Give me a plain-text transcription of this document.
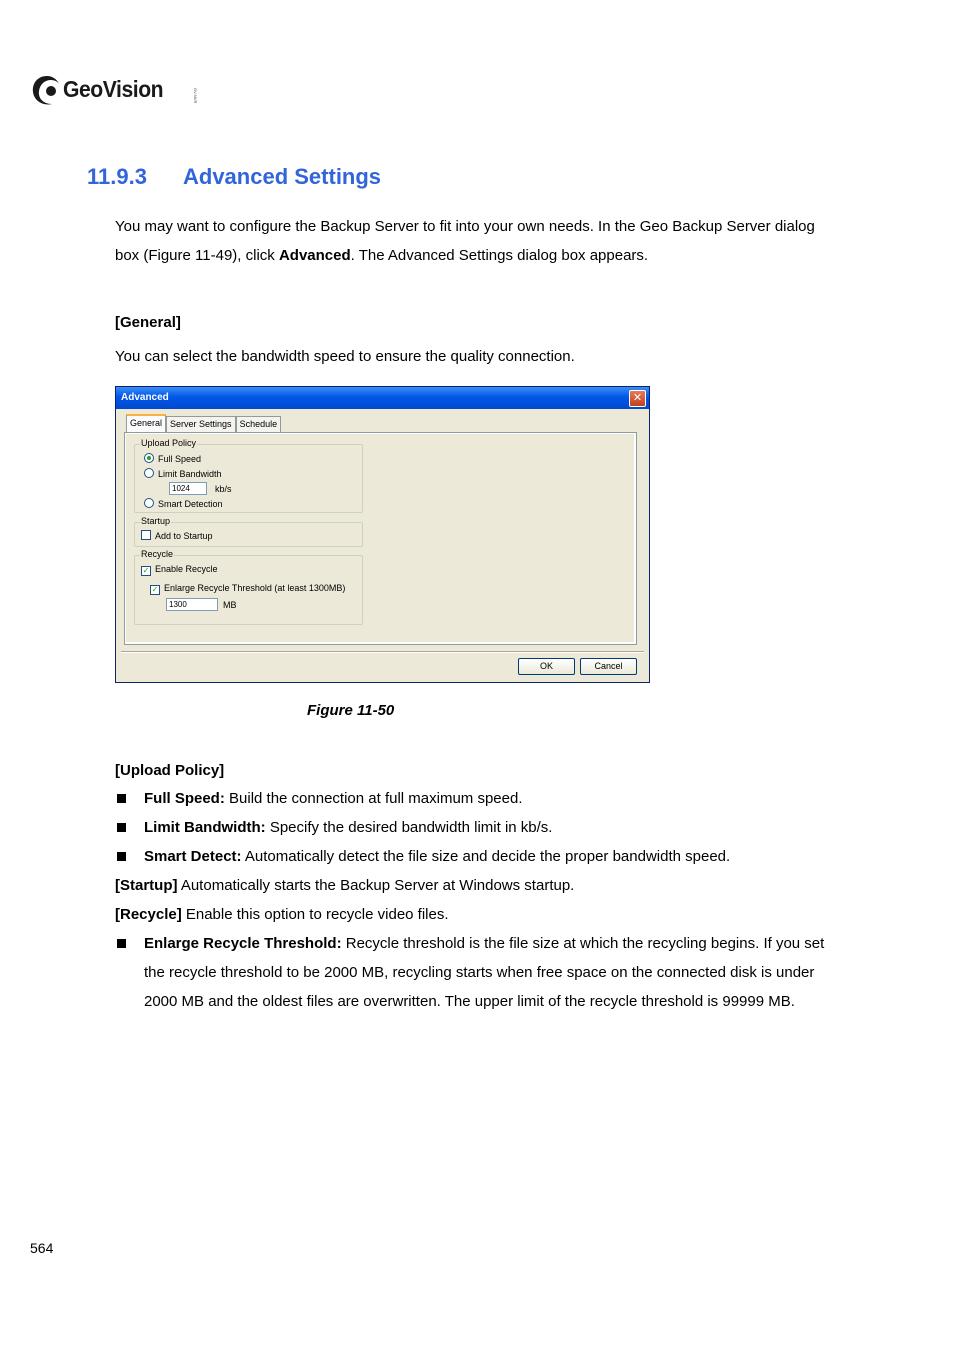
GeoVision	GV-NVR
11.9.3 Advanced Settings
You may want to configure the Backup Server to fit into your own needs. In the Geo Backup Server dialog box (Figure 11-49), click Advanced. The Advanced Settings dialog box appears.
[General]
You can select the bandwidth speed to ensure the quality connection.
Advanced	✕
General Server Settings Schedule
Upload Policy
Full Speed
Limit Bandwidth
1024	kb/s
Smart Detection
Startup
Add to Startup
Recycle
✓ Enable Recycle
✓ Enlarge Recycle Threshold (at least 1300MB)
1300	MB
OK	Cancel
Figure 11-50
[Upload Policy]
Full Speed: Build the connection at full maximum speed.
Limit Bandwidth: Specify the desired bandwidth limit in kb/s.
Smart Detect: Automatically detect the file size and decide the proper bandwidth speed.
[Startup] Automatically starts the Backup Server at Windows startup.
[Recycle] Enable this option to recycle video files.
Enlarge Recycle Threshold: Recycle threshold is the file size at which the recycling begins. If you set the recycle threshold to be 2000 MB, recycling starts when free space on the connected disk is under 2000 MB and the oldest files are overwritten. The upper limit of the recycle threshold is 99999 MB.
564
